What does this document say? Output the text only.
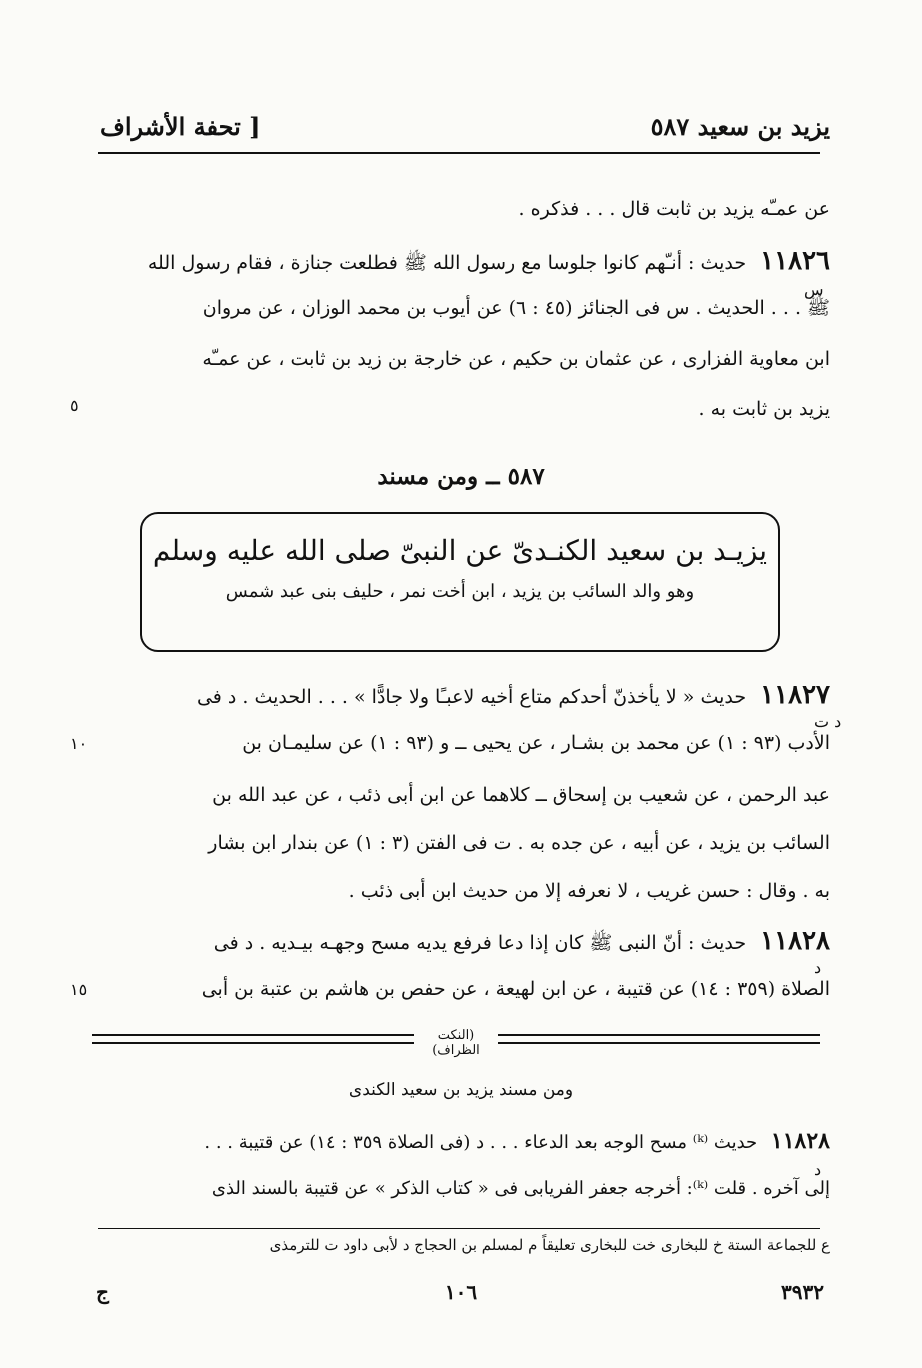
يزيد بن سعيد ٥٨٧
[ تحفة الأشراف
عن عمـّه يزيد بن ثابت قال . . . فذكره .
١١٨٢٦ حديث : أنـّهم كانوا جلوسا مع رسول الله ﷺ فطلعت جنازة ، فقام رسول الله
س
ﷺ . . . الحديث . س فى الجنائز (٤٥ : ٦) عن أيوب بن محمد الوزان ، عن مروان
ابن معاوية الفزارى ، عن عثمان بن حكيم ، عن خارجة بن زيد بن ثابت ، عن عمـّه
يزيد بن ثابت به .
٥
٥٨٧ ــ ومن مسند
يزيـد بن سعيد الكنـدىّ عن النبىّ صلى الله عليه وسلم
وهو والد السائب بن يزيد ، ابن أخت نمر ، حليف بنى عبد شمس
١١٨٢٧ حديث « لا يأخذنّ أحدكم متاع أخيه لاعبـًا ولا جادًّا » . . . الحديث . د فى
د ت
الأدب (٩٣ : ١) عن محمد بن بشـار ، عن يحيى ــ و (٩٣ : ١) عن سليمـان بن
١٠
عبد الرحمن ، عن شعيب بن إسحاق ــ كلاهما عن ابن أبى ذئب ، عن عبد الله بن
السائب بن يزيد ، عن أبيه ، عن جده به . ت فى الفتن (٣ : ١) عن بندار ابن بشار
به . وقال : حسن غريب ، لا نعرفه إلا من حديث ابن أبى ذئب .
١١٨٢٨ حديث : أنّ النبى ﷺ كان إذا دعا فرفع يديه مسح وجهـه بيـديه . د فى
د
الصلاة (٣٥٩ : ١٤) عن قتيبة ، عن ابن لهيعة ، عن حفص بن هاشم بن عتبة بن أبى
١٥
(النكت الظراف)
ومن مسند يزيد بن سعيد الكندى
١١٨٢٨ حديث ⁽ᵏ⁾ مسح الوجه بعد الدعاء . . . د (فى الصلاة ٣٥٩ : ١٤) عن قتيبة . . .
د
إلى آخره . قلت ⁽ᵏ⁾: أخرجه جعفر الفريابى فى « كتاب الذكر » عن قتيبة بالسند الذى
ع للجماعة الستة خ للبخارى خت للبخارى تعليقاً م لمسلم بن الحجاج د لأبى داود ت للترمذى
٣٩٣٢
١٠٦
ج
